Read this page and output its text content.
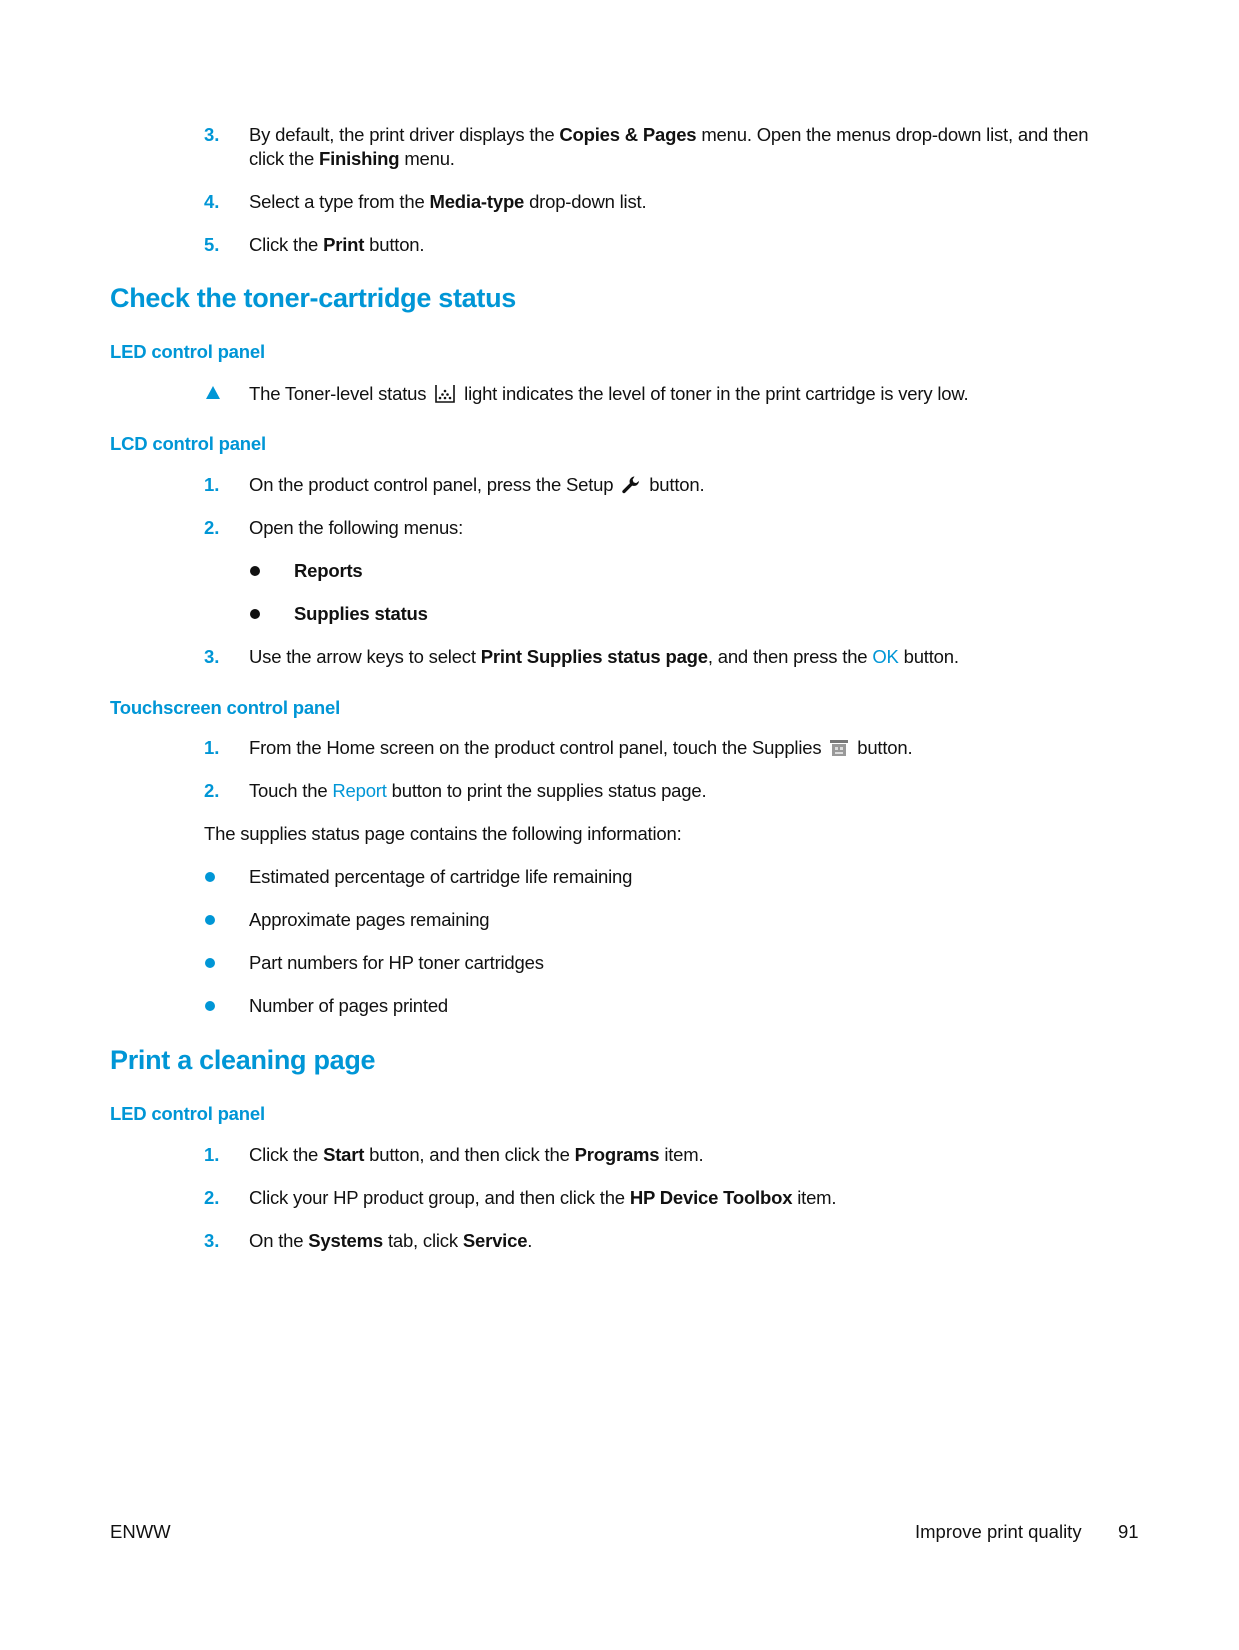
3.	By default, the print driver displays the Copies & Pages menu. Open the menus drop-down list, and then
click the Finishing menu.
4.	Select a type from the Media-type drop-down list.
5.	Click the Print button.
Check the toner-cartridge status
LED control panel
The Toner-level status  light indicates the level of toner in the print cartridge is very low.
LCD control panel
1.	On the product control panel, press the Setup  button.
2.	Open the following menus:
Reports
Supplies status
3.	Use the arrow keys to select Print Supplies status page, and then press the OK button.
Touchscreen control panel
1.	From the Home screen on the product control panel, touch the Supplies  button.
2.	Touch the Report button to print the supplies status page.
The supplies status page contains the following information:
Estimated percentage of cartridge life remaining
Approximate pages remaining
Part numbers for HP toner cartridges
Number of pages printed
Print a cleaning page
LED control panel
1.	Click the Start button, and then click the Programs item.
2.	Click your HP product group, and then click the HP Device Toolbox item.
3.	On the Systems tab, click Service.
ENWW	Improve print quality 91
